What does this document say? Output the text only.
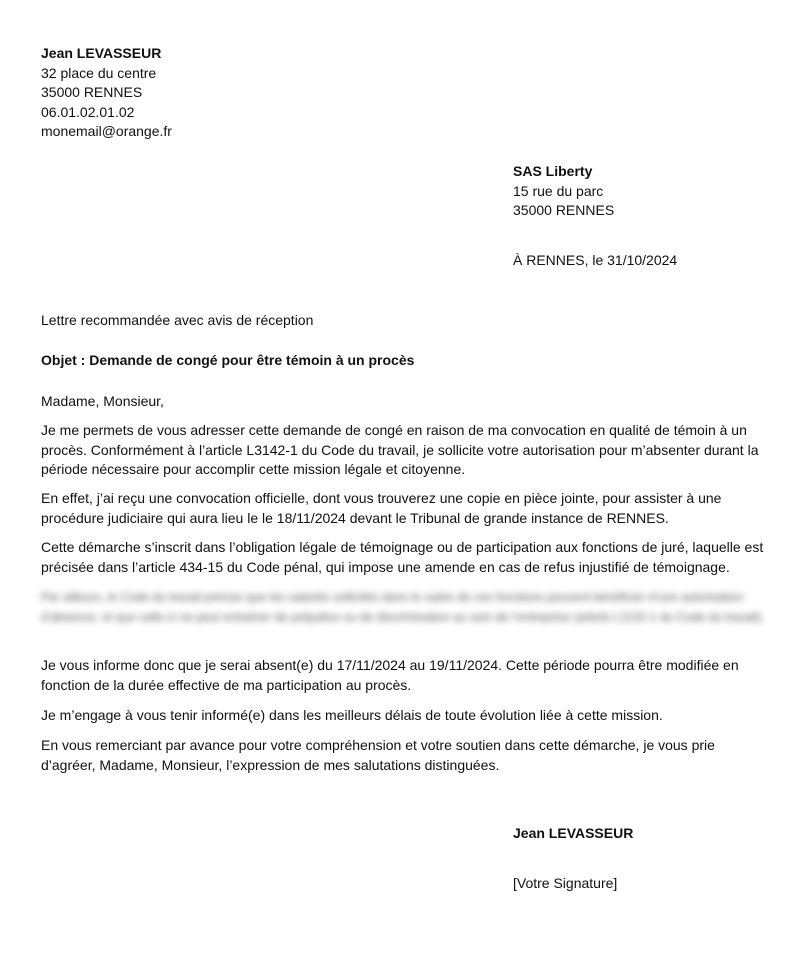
Jean LEVASSEUR
32 place du centre
35000 RENNES
06.01.02.01.02
monemail@orange.fr
SAS Liberty
15 rue du parc
35000 RENNES
À RENNES, le 31/10/2024
Lettre recommandée avec avis de réception
Objet : Demande de congé pour être témoin à un procès
Madame, Monsieur,
Je me permets de vous adresser cette demande de congé en raison de ma convocation en qualité de témoin à un procès. Conformément à l’article L3142-1 du Code du travail, je sollicite votre autorisation pour m’absenter durant la période nécessaire pour accomplir cette mission légale et citoyenne.
En effet, j’ai reçu une convocation officielle, dont vous trouverez une copie en pièce jointe, pour assister à une procédure judiciaire qui aura lieu le le 18/11/2024 devant le Tribunal de grande instance de RENNES.
Cette démarche s’inscrit dans l’obligation légale de témoignage ou de participation aux fonctions de juré, laquelle est précisée dans l’article 434-15 du Code pénal, qui impose une amende en cas de refus injustifié de témoignage.
Par ailleurs, le Code du travail précise que les salariés sollicités dans le cadre de ces fonctions peuvent bénéficier d’une autorisation d’absence, et que celle-ci ne peut entraîner de préjudice ou de discrimination au sein de l’entreprise (article L1132-1 du Code du travail).
Je vous informe donc que je serai absent(e) du 17/11/2024 au 19/11/2024. Cette période pourra être modifiée en fonction de la durée effective de ma participation au procès.
Je m’engage à vous tenir informé(e) dans les meilleurs délais de toute évolution liée à cette mission.
En vous remerciant par avance pour votre compréhension et votre soutien dans cette démarche, je vous prie d’agréer, Madame, Monsieur, l’expression de mes salutations distinguées.
Jean LEVASSEUR
[Votre Signature]
